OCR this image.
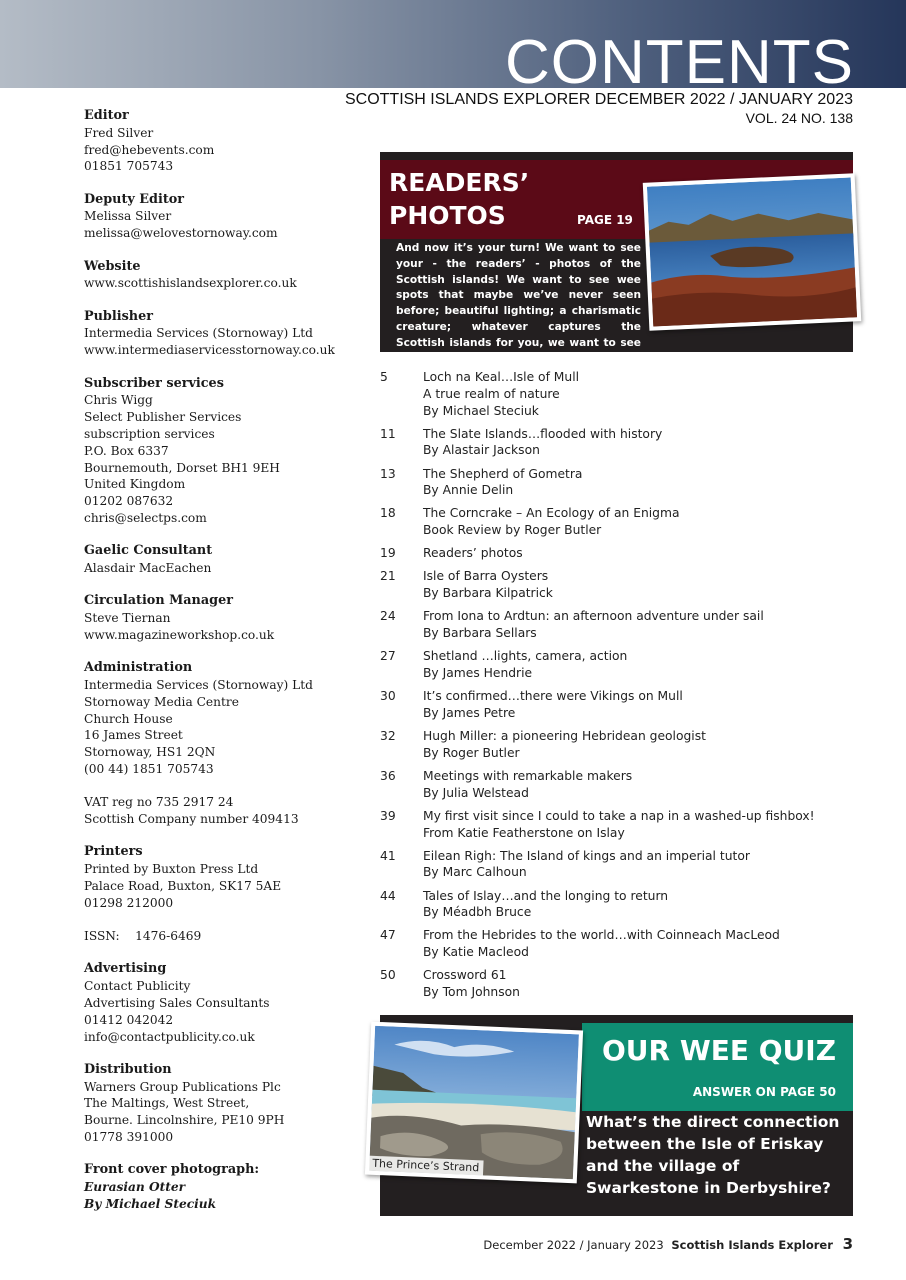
CONTENTS
SCOTTISH ISLANDS EXPLORER DECEMBER 2022 / JANUARY 2023
VOL. 24 NO. 138
Editor
Fred Silver
fred@hebevents.com
01851 705743
Deputy Editor
Melissa Silver
melissa@welovestornoway.com
Website
www.scottishislandsexplorer.co.uk
Publisher
Intermedia Services (Stornoway) Ltd
www.intermediaservicesstornoway.co.uk
Subscriber services
Chris Wigg
Select Publisher Services
subscription services
P.O. Box 6337
Bournemouth, Dorset BH1 9EH
United Kingdom
01202 087632
chris@selectps.com
Gaelic Consultant
Alasdair MacEachen
Circulation Manager
Steve Tiernan
www.magazineworkshop.co.uk
Administration
Intermedia Services (Stornoway) Ltd
Stornoway Media Centre
Church House
16 James Street
Stornoway, HS1 2QN
(00 44) 1851 705743
VAT reg no 735 2917 24
Scottish Company number 409413
Printers
Printed by Buxton Press Ltd
Palace Road, Buxton, SK17 5AE
01298 212000
ISSN:    1476-6469
Advertising
Contact Publicity
Advertising Sales Consultants
01412 042042
info@contactpublicity.co.uk
Distribution
Warners Group Publications Plc
The Maltings, West Street,
Bourne. Lincolnshire, PE10 9PH
01778 391000
Front cover photograph:
Eurasian Otter
By Michael Steciuk
READERS’
PHOTOS	PAGE 19
And now it’s your turn! We want to see your - the readers’ - photos of the Scottish islands! We want to see wee spots that maybe we’ve never seen before; beautiful lighting; a charismatic creature; whatever captures the Scottish islands for you, we want to see it! melissa@welovestornoway.com
5	Loch na Keal…Isle of Mull
A true realm of nature
By Michael Steciuk
11	The Slate Islands…flooded with history
By Alastair Jackson
13	The Shepherd of Gometra
By Annie Delin
18	The Corncrake – An Ecology of an Enigma
Book Review by Roger Butler
19	Readers’ photos
21	Isle of Barra Oysters
By Barbara Kilpatrick
24	From Iona to Ardtun: an afternoon adventure under sail
By Barbara Sellars
27	Shetland …lights, camera, action
By James Hendrie
30	It’s confirmed…there were Vikings on Mull
By James Petre
32	Hugh Miller: a pioneering Hebridean geologist
By Roger Butler
36	Meetings with remarkable makers
By Julia Welstead
39	My first visit since I could to take a nap in a washed-up fishbox!
From Katie Featherstone on Islay
41	Eilean Righ: The Island of kings and an imperial tutor
By Marc Calhoun
44	Tales of Islay…and the longing to return
By Méadbh Bruce
47	From the Hebrides to the world…with Coinneach MacLeod
By Katie Macleod
50	Crossword 61
By Tom Johnson
OUR WEE QUIZ
ANSWER ON PAGE 50
What’s the direct connection between the Isle of Eriskay and the village of Swarkestone in Derbyshire?
The Prince’s Strand
December 2022 / January 2023 Scottish Islands Explorer 3
